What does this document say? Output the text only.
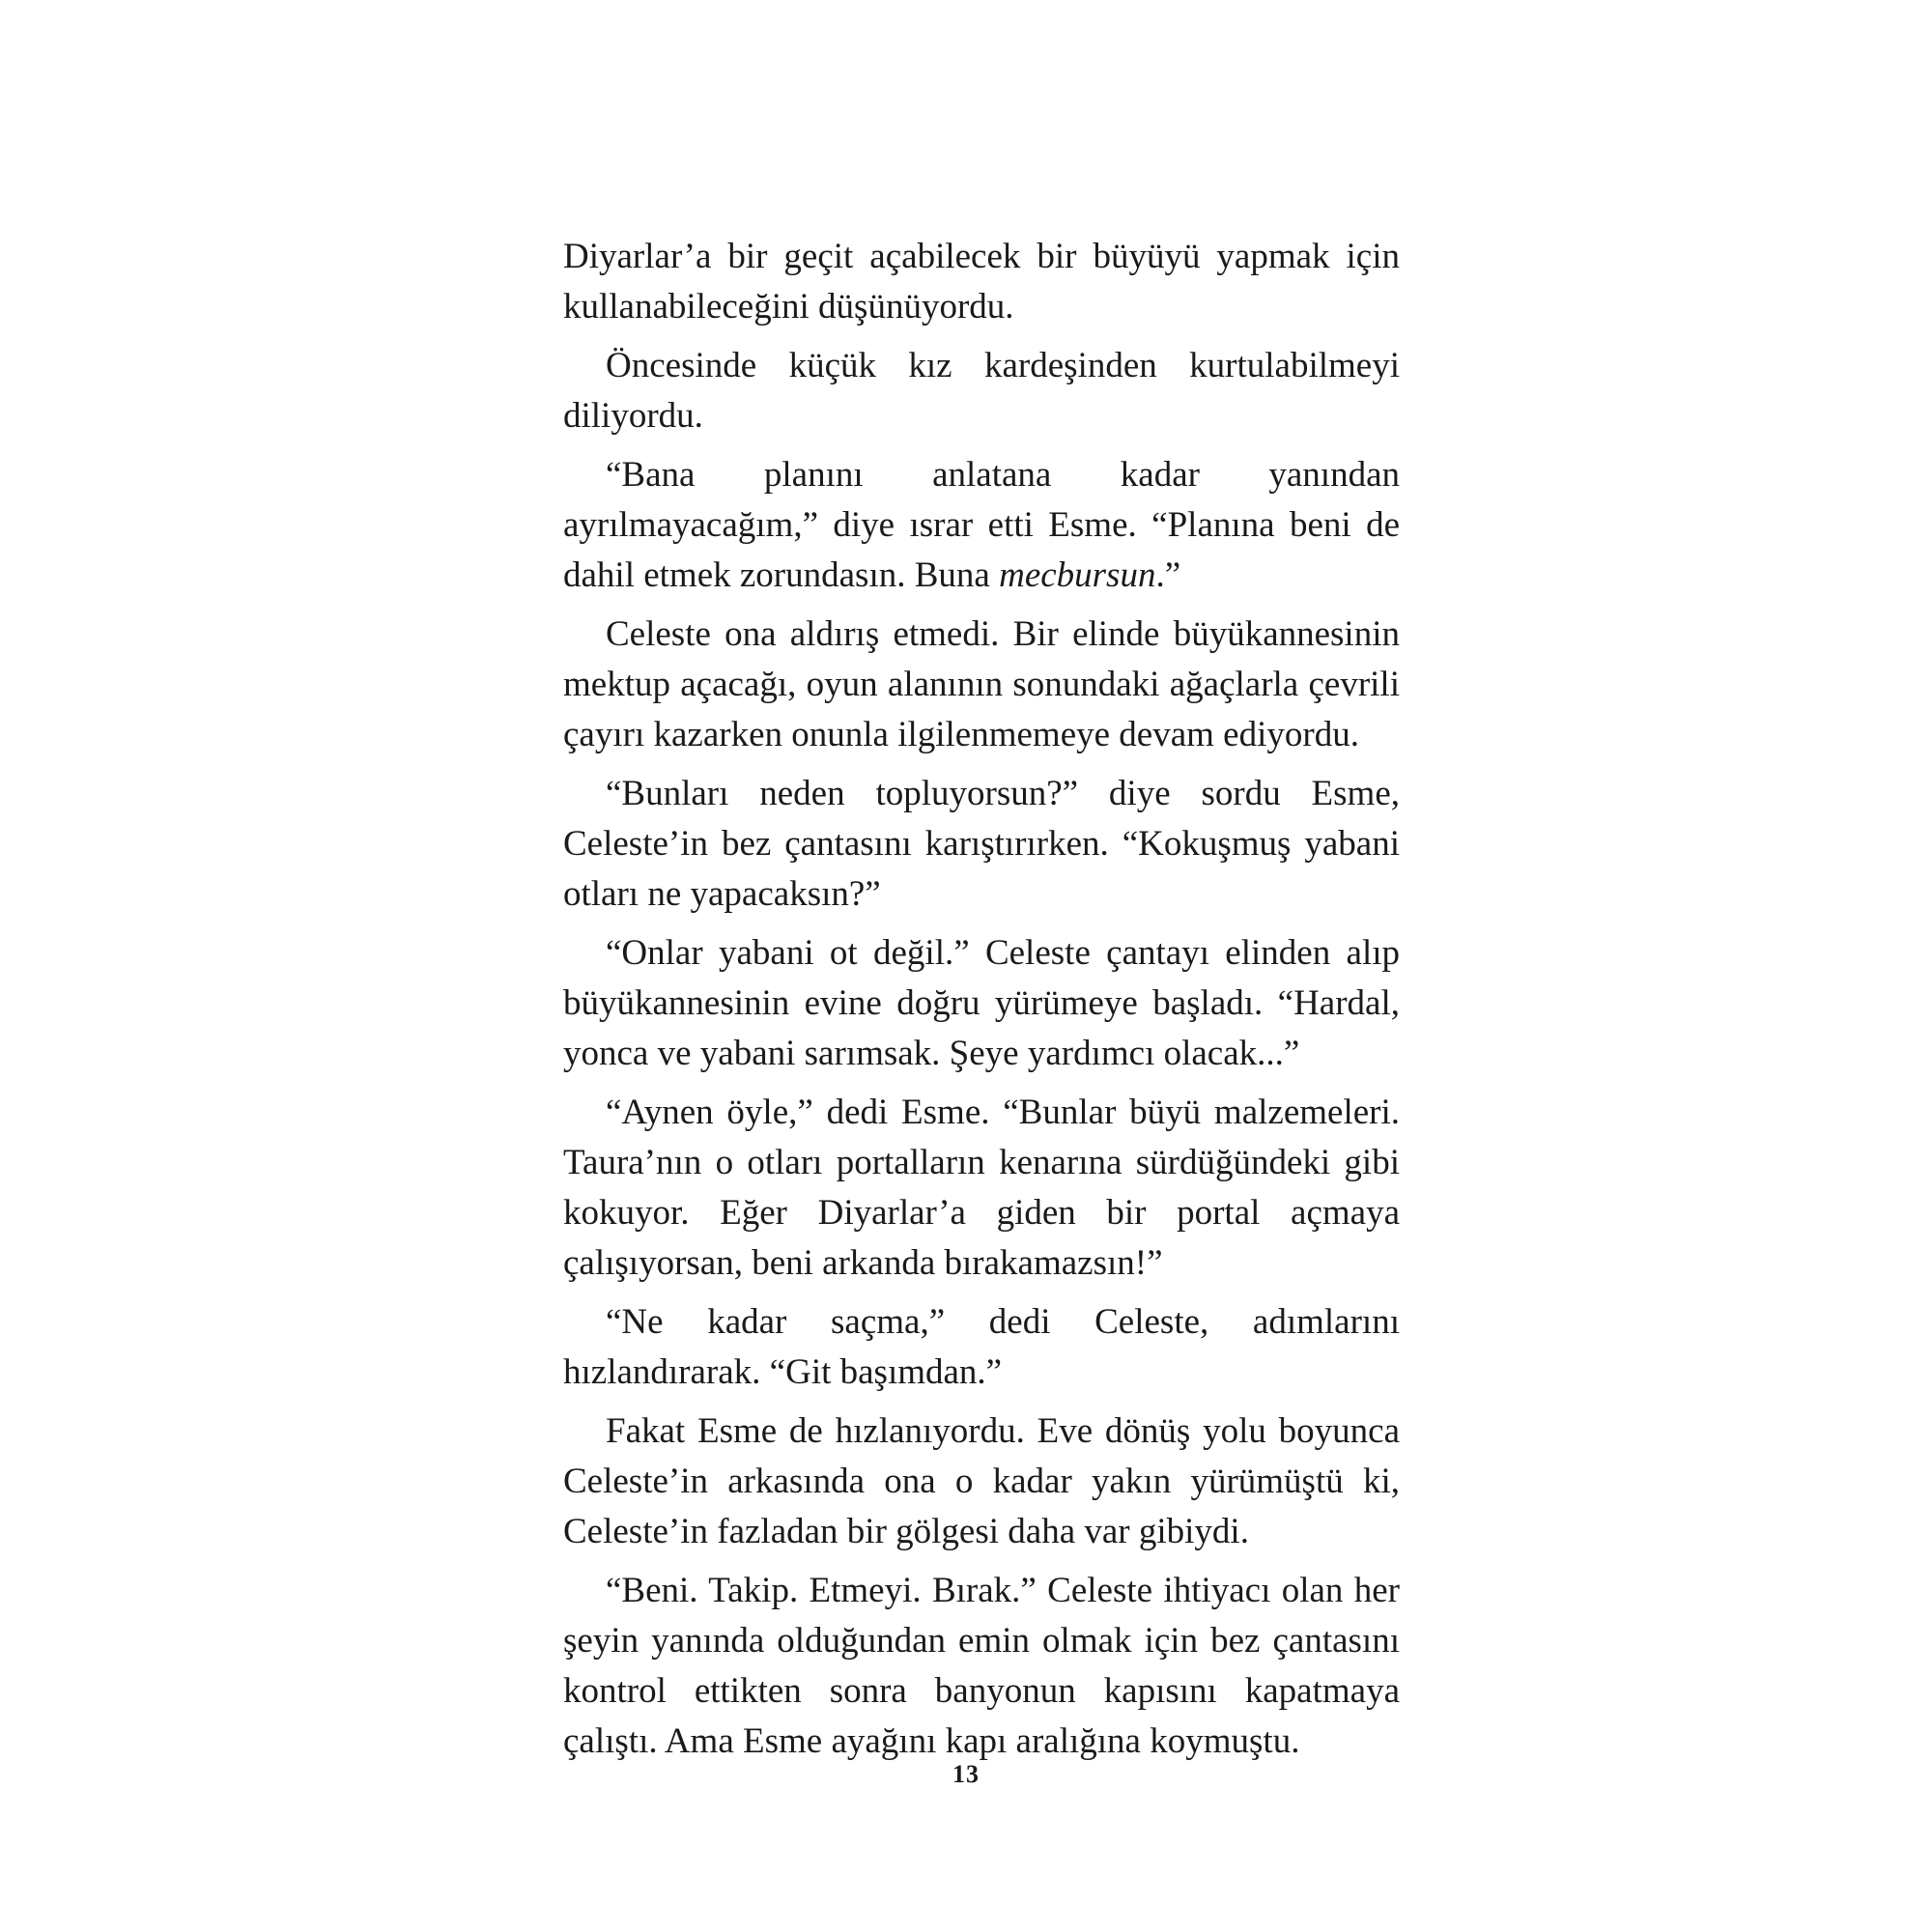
Diyarlar’a bir geçit açabilecek bir büyüyü yapmak için kullanabileceğini düşünüyordu.

Öncesinde küçük kız kardeşinden kurtulabilmeyi diliyordu.

“Bana planını anlatana kadar yanından ayrılmayacağım,” diye ısrar etti Esme. “Planına beni de dahil etmek zorundasın. Buna mecbursun.”

Celeste ona aldırış etmedi. Bir elinde büyükannesinin mektup açacağı, oyun alanının sonundaki ağaçlarla çevrili çayırı kazarken onunla ilgilenmemeye devam ediyordu.

“Bunları neden topluyorsun?” diye sordu Esme, Celeste’in bez çantasını karıştırırken. “Kokuşmuş yabani otları ne yapacaksın?”

“Onlar yabani ot değil.” Celeste çantayı elinden alıp büyükannesinin evine doğru yürümeye başladı. “Hardal, yonca ve yabani sarımsak. Şeye yardımcı olacak...”

“Aynen öyle,” dedi Esme. “Bunlar büyü malzemeleri. Taura’nın o otları portalların kenarına sürdüğündeki gibi kokuyor. Eğer Diyarlar’a giden bir portal açmaya çalışıyorsan, beni arkanda bırakamazsın!”

“Ne kadar saçma,” dedi Celeste, adımlarını hızlandırarak. “Git başımdan.”

Fakat Esme de hızlanıyordu. Eve dönüş yolu boyunca Celeste’in arkasında ona o kadar yakın yürümüştü ki, Celeste’in fazladan bir gölgesi daha var gibiydi.

“Beni. Takip. Etmeyi. Bırak.” Celeste ihtiyacı olan her şeyin yanında olduğundan emin olmak için bez çantasını kontrol ettikten sonra banyonun kapısını kapatmaya çalıştı. Ama Esme ayağını kapı aralığına koymuştu.

13
